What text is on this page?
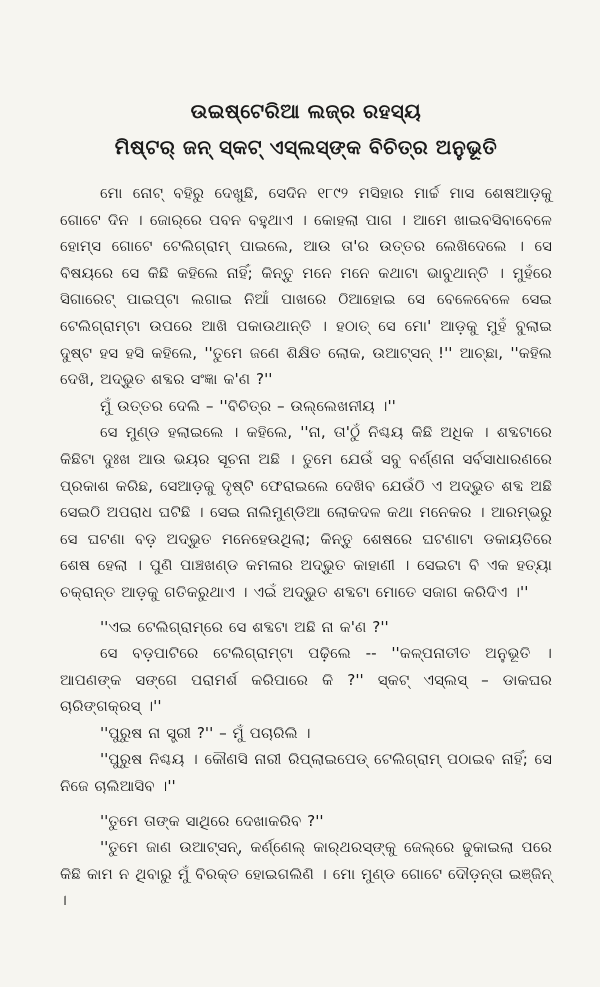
ଉଇଷ୍ଟେରିଆ ଲଜ୍‌ର ରହସ୍ୟ
ମିଷ୍ଟର୍ ଜନ୍ ସ୍କଟ୍ ଏସ୍‌ଲସ୍‌ଙ୍କ ବିଚିତ୍ର ଅନୁଭୂତି

ମୋ ନୋଟ୍ ବହିରୁ ଦେଖୁଛି, ସେଦିନ ୧୮୯୨ ମସିହାର ମାର୍ଚ୍ଚ ମାସ ଶେଷଆଡ଼କୁ ଗୋଟେ ଦିନ । ଜୋର୍‌ରେ ପବନ ବହୁଥାଏ । କୋହଲା ପାଗ । ଆମେ ଖାଇବସିବାବେଳେ ହୋମ୍‌ସ ଗୋଟେ ଟେଲିଗ୍ରାମ୍ ପାଇଲେ, ଆଉ ତା'ର ଉତ୍ତର ଲେଖିଦେଲେ । ସେ ବିଷୟରେ ସେ କିଛି କହିଲେ ନାହିଁ; କିନ୍ତୁ ମନେ ମନେ କଥାଟା ଭାବୁଥାନ୍ତି । ମୁହଁରେ ସିଗାରେଟ୍ ପାଇପ୍‌ଟା ଲଗାଇ ନିଆଁ ପାଖରେ ଠିଆହୋଇ ସେ ବେଳେବେଳେ ସେଇ ଟେଲିଗ୍ରାମ୍‌ଟା ଉପରେ ଆଖି ପକାଉଥାନ୍ତି । ହଠାତ୍ ସେ ମୋ' ଆଡ଼କୁ ମୁହଁ ବୁଲାଇ ଦୁଷ୍ଟ ହସ ହସି କହିଲେ, ''ତୁମେ ଜଣେ ଶିକ୍ଷିତ ଲୋକ, ଉଆଟ୍‌ସନ୍ !'' ଆଚ୍ଛା, ''କହିଲ ଦେଖି, ଅଦ୍ଭୁତ ଶବ୍ଦର ସଂଜ୍ଞା କ'ଣ ?''

ମୁଁ ଉତ୍ତର ଦେଲି – ''ବିଚିତ୍ର – ଉଲ୍ଲେଖନୀୟ ।''

ସେ ମୁଣ୍ଡ ହଲାଇଲେ । କହିଲେ, ''ନା, ତା'ଠୁଁ ନିଶ୍ଚୟ କିଛି ଅଧିକ । ଶବ୍ଦଟାରେ କିଛିଟା ଦୁଃଖ ଆଉ ଭୟର ସୂଚନା ଅଛି । ତୁମେ ଯେଉଁ ସବୁ ବର୍ଣ୍ଣନା ସର୍ବସାଧାରଣରେ ପ୍ରକାଶ କରିଛ, ସେଆଡ଼କୁ ଦୃଷ୍ଟି ଫେରାଇଲେ ଦେଖିବ ଯେଉଁଠି ଏ ଅଦ୍ଭୁତ ଶବ୍ଦ ଅଛି ସେଇଠି ଅପରାଧ ଘଟିଛି । ସେଇ ନାଲିମୁଣ୍ଡିଆ ଲୋକଦଳ କଥା ମନେକର । ଆରମ୍ଭରୁ ସେ ଘଟଣା ବଡ଼ ଅଦ୍ଭୁତ ମନେହେଉଥିଲା; କିନ୍ତୁ ଶେଷରେ ଘଟଣାଟା ଡକାୟତିରେ ଶେଷ ହେଲା । ପୁଣି ପାଞ୍ଚଖଣ୍ଡ କମଳାର ଅଦ୍ଭୁତ କାହାଣୀ । ସେଇଟା ବି ଏକ ହତ୍ୟା ଚକ୍ରାନ୍ତ ଆଡ଼କୁ ଗତିକରୁଥାଏ । ଏଇଁ ଅଦ୍ଭୁତ ଶବ୍ଦଟା ମୋତେ ସଜାଗ କରିଦିଏ ।''

''ଏଇ ଟେଲିଗ୍ରାମ୍‌ରେ ସେ ଶବ୍ଦଟା ଅଛି ନା କ'ଣ ?''

ସେ ବଡ଼ପାଟିରେ ଟେଲିଗ୍ରାମ୍‌ଟା ପଢ଼ିଲେ -- ''କଳ୍ପନାତୀତ ଅନୁଭୂତି । ଆପଣଙ୍କ ସଙ୍ଗେ ପରାମର୍ଶ କରିପାରେ କି ?'' ସ୍କଟ୍ ଏସ୍‌ଲସ୍ – ଡାକଘର ଚାରିଙ୍ଗକ୍ରସ୍ ।''

''ପୁରୁଷ ନା ସ୍ତ୍ରୀ ?'' – ମୁଁ ପଚାରିଲି ।

''ପୁରୁଷ ନିଶ୍ଚୟ । କୌଣସି ନାରୀ ରିପ୍ଲାଇପେଡ୍ ଟେଲିଗ୍ରାମ୍ ପଠାଇବ ନାହିଁ; ସେ ନିଜେ ଚାଲିଆସିବ ।''

''ତୁମେ ତାଙ୍କ ସାଥିରେ ଦେଖାକରିବ ?''

''ତୁମେ ଜାଣ ଉଆଟ୍‌ସନ୍, କର୍ଣ୍ଣେଲ୍ କାର୍‌ଥରସ୍‌ଙ୍କୁ ଜେଲ୍‌ରେ ଢୁକାଇଲା ପରେ କିଛି କାମ ନ ଥିବାରୁ ମୁଁ ବିରକ୍ତ ହୋଇଗଲିଣି । ମୋ ମୁଣ୍ଡ ଗୋଟେ ଦୌଡ଼ନ୍ତା ଇଞ୍ଜିନ୍ ।
